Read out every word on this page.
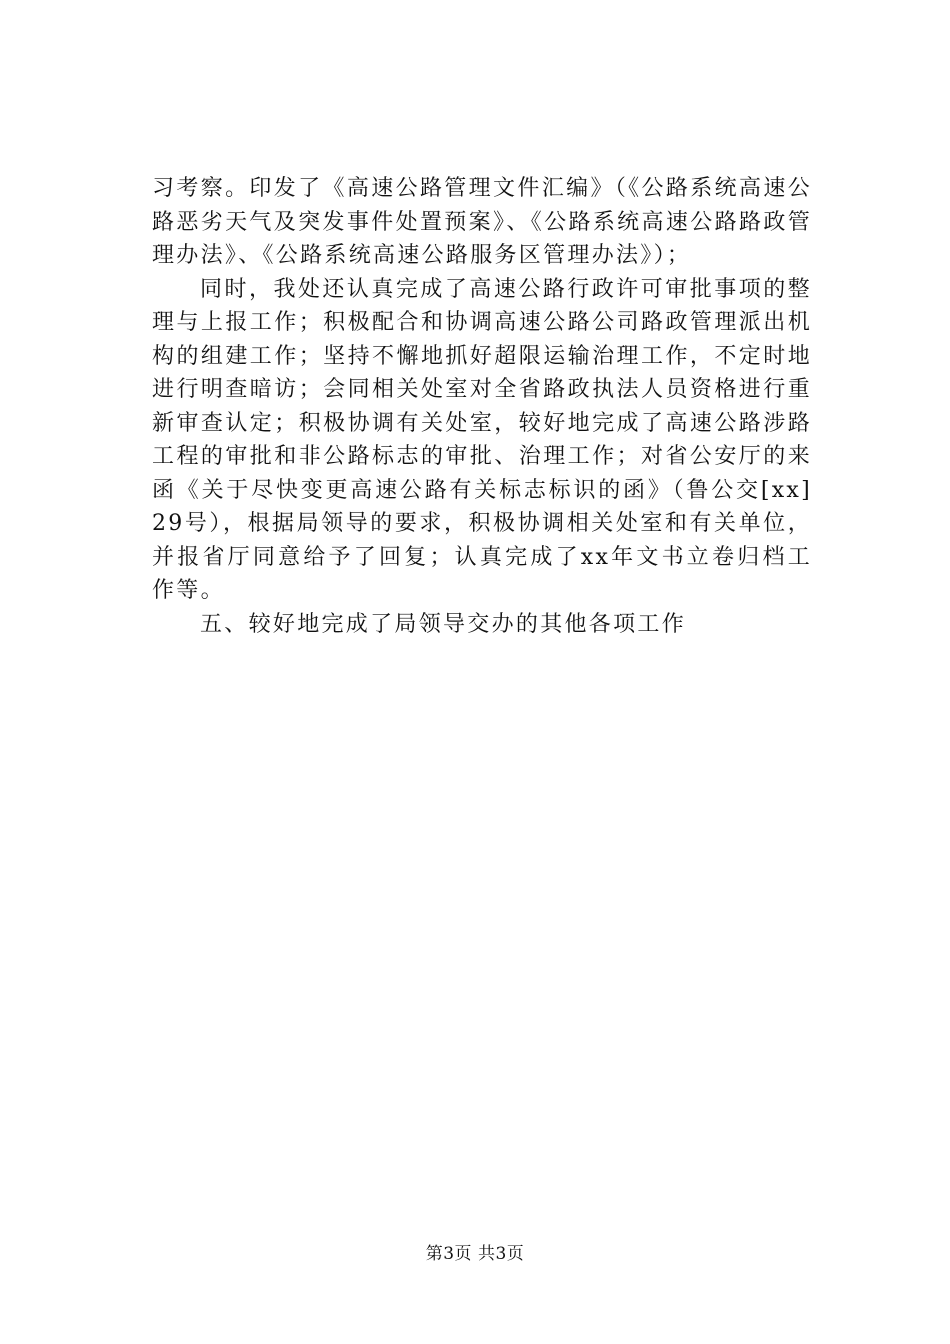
习考察。印发了《高速公路管理文件汇编》（《公路系统高速公路恶劣天气及突发事件处置预案》、《公路系统高速公路路政管理办法》、《公路系统高速公路服务区管理办法》）；

同时，我处还认真完成了高速公路行政许可审批事项的整理与上报工作；积极配合和协调高速公路公司路政管理派出机构的组建工作；坚持不懈地抓好超限运输治理工作，不定时地进行明查暗访；会同相关处室对全省路政执法人员资格进行重新审查认定；积极协调有关处室，较好地完成了高速公路涉路工程的审批和非公路标志的审批、治理工作；对省公安厅的来函《关于尽快变更高速公路有关标志标识的函》（鲁公交[xx]29号），根据局领导的要求，积极协调相关处室和有关单位，并报省厅同意给予了回复；认真完成了xx年文书立卷归档工作等。

五、较好地完成了局领导交办的其他各项工作

第3页 共3页
